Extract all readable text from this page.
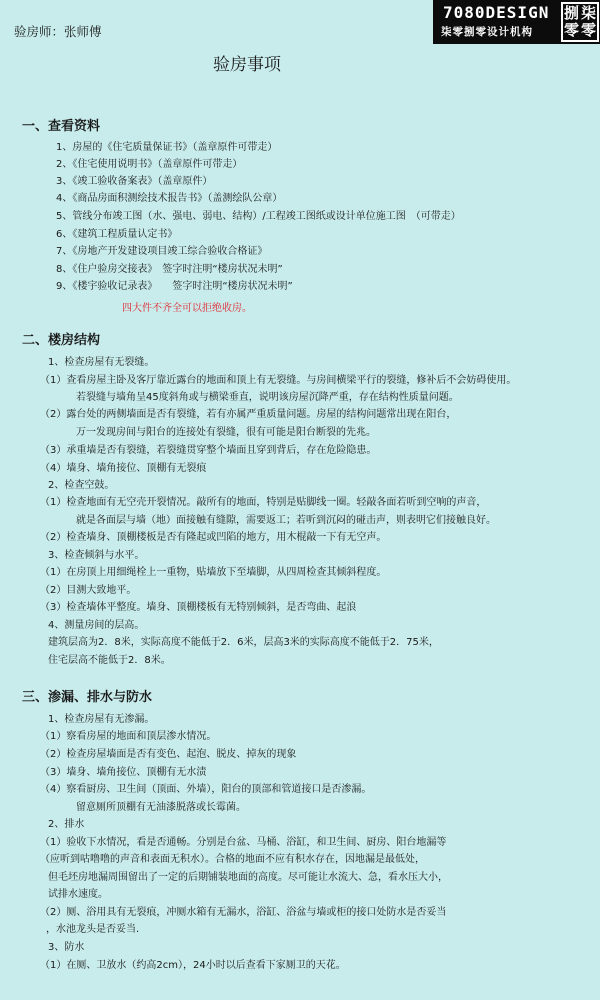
验房师：张师傅
7080DESIGN
柒零捌零设计机构
捌 柒
零 零
验房事项
一、查看资料
1、房屋的《住宅质量保证书》（盖章原件可带走）
2、《住宅使用说明书》（盖章原件可带走）
3、《竣工验收备案表》（盖章原件）
4、《商品房面积测绘技术报告书》（盖测绘队公章）
5、管线分布竣工图（水、强电、弱电、结构）/工程竣工图纸或设计单位施工图　（可带走）
6、《建筑工程质量认定书》
7、《房地产开发建设项目竣工综合验收合格证》
8、《住户验房交接表》　签字时注明“楼房状况未明”
9、《楼宇验收记录表》　　签字时注明“楼房状况未明”
四大件不齐全可以拒绝收房。
二、楼房结构
1、检查房屋有无裂缝。
（1）查看房屋主卧及客厅靠近露台的地面和顶上有无裂缝。与房间横梁平行的裂缝，修补后不会妨碍使用。
若裂缝与墙角呈45度斜角或与横梁垂直，说明该房屋沉降严重，存在结构性质量问题。
（2）露台处的两侧墙面是否有裂缝，若有亦属严重质量问题。房屋的结构问题常出现在阳台，
万一发现房间与阳台的连接处有裂缝，很有可能是阳台断裂的先兆。
（3）承重墙是否有裂缝，若裂缝贯穿整个墙面且穿到背后，存在危险隐患。
（4）墙身、墙角接位、顶棚有无裂痕
2、检查空鼓。
（1）检查地面有无空壳开裂情况。敲所有的地面，特别是贴脚线一圈。轻敲各面若听到空响的声音，
就是各面层与墙（地）面接触有缝隙，需要返工；若听到沉闷的碰击声，则表明它们接触良好。
（2）检查墙身、顶棚楼板是否有隆起或凹陷的地方，用木棍敲一下有无空声。
3、检查倾斜与水平。
（1）在房顶上用细绳栓上一重物，贴墙放下至墙脚，从四周检查其倾斜程度。
（2）目测大致地平。
（3）检查墙体平整度。墙身、顶棚楼板有无特别倾斜，是否弯曲、起浪
4、测量房间的层高。
建筑层高为2．8米，实际高度不能低于2．6米，层高3米的实际高度不能低于2．75米，
住宅层高不能低于2．8米。
三、渗漏、排水与防水
1、检查房屋有无渗漏。
（1）察看房屋的地面和顶层渗水情况。
（2）检查房屋墙面是否有变色、起泡、脱皮、掉灰的现象
（3）墙身、墙角接位、顶棚有无水渍
（4）察看厨房、卫生间（顶面、外墙），阳台的顶部和管道接口是否渗漏。
留意厕所顶棚有无油漆脱落或长霉菌。
2、排水
（1）验收下水情况，看是否通畅。分别是台盆、马桶、浴缸，和卫生间、厨房、阳台地漏等
（应听到咕噜噜的声音和表面无积水）。合格的地面不应有积水存在，因地漏是最低处，
但毛坯房地漏周围留出了一定的后期铺装地面的高度。尽可能让水流大、急，看水压大小，
试排水速度。
（2）厕、浴用具有无裂痕，冲厕水箱有无漏水，浴缸、浴盆与墙或柜的接口处防水是否妥当
，水池龙头是否妥当.
3、防水
（1）在厕、卫放水（约高2cm），24小时以后查看下家厕卫的天花。
